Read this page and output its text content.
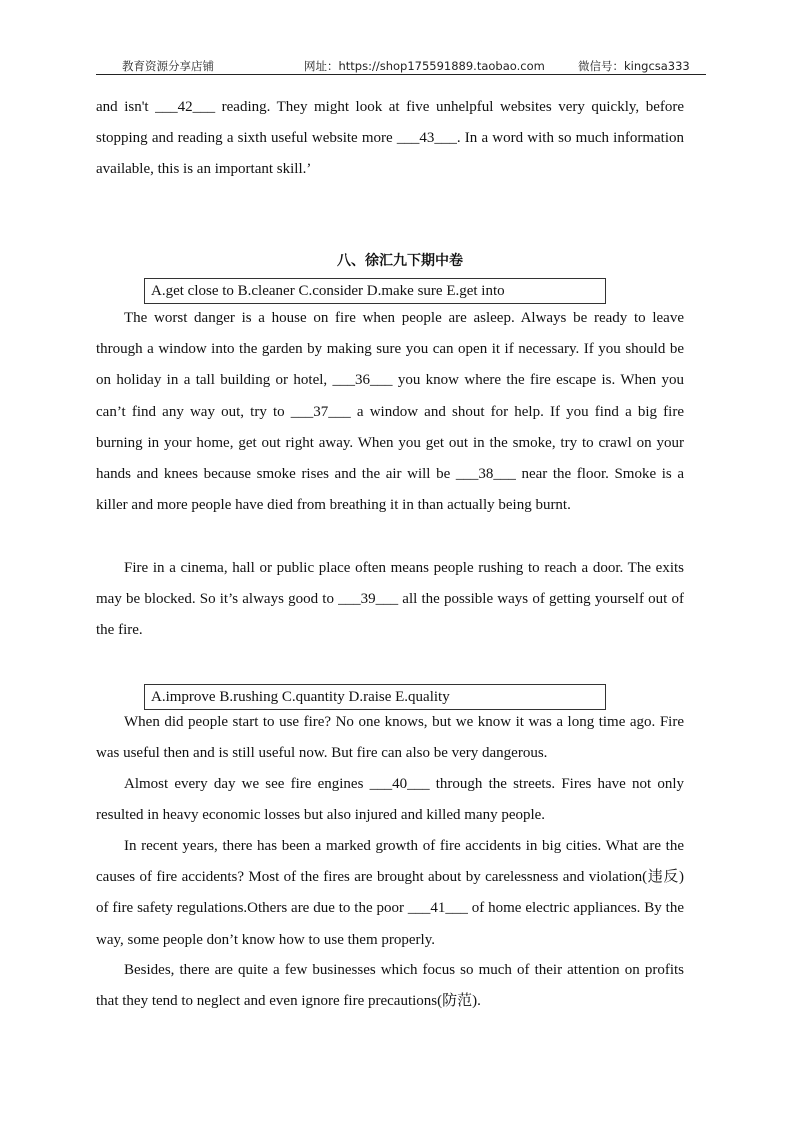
教育资源分享店铺	网址：https://shop175591889.taobao.com	微信号：kingcsa333

and isn't ___42___ reading. They might look at five unhelpful websites very quickly, before stopping and reading a sixth useful website more ___43___. In a word with so much information available, this is an important skill.’

八、徐汇九下期中卷
A.get close to B.cleaner C.consider D.make sure E.get into

The worst danger is a house on fire when people are asleep. Always be ready to leave through a window into the garden by making sure you can open it if necessary. If you should be on holiday in a tall building or hotel, ___36___ you know where the fire escape is. When you can’t find any way out, try to ___37___ a window and shout for help. If you find a big fire burning in your home, get out right away. When you get out in the smoke, try to crawl on your hands and knees because smoke rises and the air will be ___38___ near the floor. Smoke is a killer and more people have died from breathing it in than actually being burnt.

Fire in a cinema, hall or public place often means people rushing to reach a door. The exits may be blocked. So it’s always good to ___39___ all the possible ways of getting yourself out of the fire.

A.improve B.rushing C.quantity D.raise E.quality

When did people start to use fire? No one knows, but we know it was a long time ago. Fire was useful then and is still useful now. But fire can also be very dangerous.

Almost every day we see fire engines ___40___ through the streets. Fires have not only resulted in heavy economic losses but also injured and killed many people.

In recent years, there has been a marked growth of fire accidents in big cities. What are the causes of fire accidents? Most of the fires are brought about by carelessness and violation(违反) of fire safety regulations.Others are due to the poor ___41___ of home electric appliances. By the way, some people don’t know how to use them properly.

Besides, there are quite a few businesses which focus so much of their attention on profits that they tend to neglect and even ignore fire precautions(防范).
